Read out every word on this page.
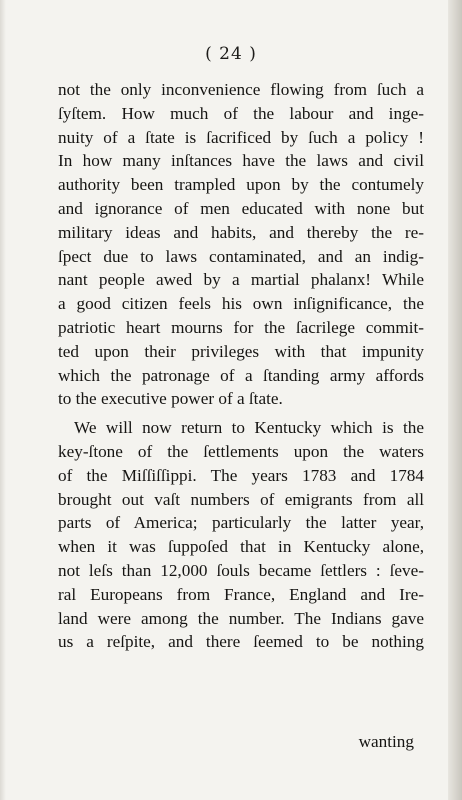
( 24 )
not the only inconvenience flowing from ſuch a
ſyſtem. How much of the labour and inge-
nuity of a ſtate is ſacrificed by ſuch a policy !
In how many inſtances have the laws and civil
authority been trampled upon by the contumely
and ignorance of men educated with none but
military ideas and habits, and thereby the re-
ſpect due to laws contaminated, and an indig-
nant people awed by a martial phalanx! While
a good citizen feels his own inſignificance, the
patriotic heart mourns for the ſacrilege commit-
ted upon their privileges with that impunity
which the patronage of a ſtanding army affords
to the executive power of a ſtate.
We will now return to Kentucky which is the
key-ſtone of the ſettlements upon the waters
of the Miſſiſſippi. The years 1783 and 1784
brought out vaſt numbers of emigrants from all
parts of America; particularly the latter year,
when it was ſuppoſed that in Kentucky alone,
not leſs than 12,000 ſouls became ſettlers : ſeve-
ral Europeans from France, England and Ire-
land were among the number. The Indians gave
us a reſpite, and there ſeemed to be nothing
wanting
